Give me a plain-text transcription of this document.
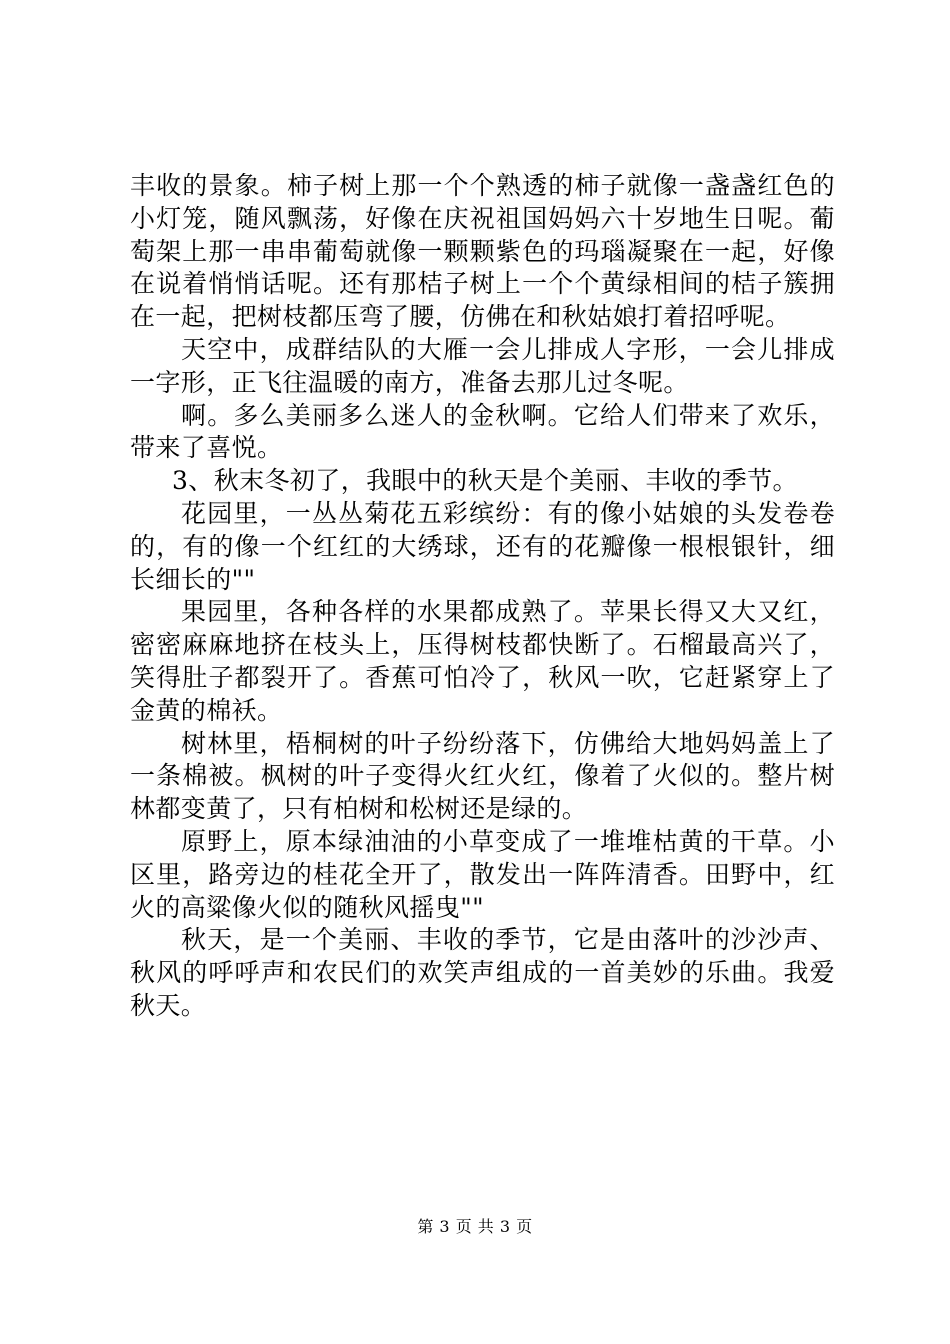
丰收的景象。柿子树上那一个个熟透的柿子就像一盏盏红色的小灯笼，随风飘荡，好像在庆祝祖国妈妈六十岁地生日呢。葡萄架上那一串串葡萄就像一颗颗紫色的玛瑙凝聚在一起，好像在说着悄悄话呢。还有那桔子树上一个个黄绿相间的桔子簇拥在一起，把树枝都压弯了腰，仿佛在和秋姑娘打着招呼呢。

天空中，成群结队的大雁一会儿排成人字形，一会儿排成一字形，正飞往温暖的南方，准备去那儿过冬呢。

啊。多么美丽多么迷人的金秋啊。它给人们带来了欢乐，带来了喜悦。

3、秋末冬初了，我眼中的秋天是个美丽、丰收的季节。

花园里，一丛丛菊花五彩缤纷：有的像小姑娘的头发卷卷的，有的像一个红红的大绣球，还有的花瓣像一根根银针，细长细长的""

果园里，各种各样的水果都成熟了。苹果长得又大又红，密密麻麻地挤在枝头上，压得树枝都快断了。石榴最高兴了，笑得肚子都裂开了。香蕉可怕冷了，秋风一吹，它赶紧穿上了金黄的棉袄。

树林里，梧桐树的叶子纷纷落下，仿佛给大地妈妈盖上了一条棉被。枫树的叶子变得火红火红，像着了火似的。整片树林都变黄了，只有柏树和松树还是绿的。

原野上，原本绿油油的小草变成了一堆堆枯黄的干草。小区里，路旁边的桂花全开了，散发出一阵阵清香。田野中，红火的高粱像火似的随秋风摇曳""

秋天，是一个美丽、丰收的季节，它是由落叶的沙沙声、秋风的呼呼声和农民们的欢笑声组成的一首美妙的乐曲。我爱秋天。

第 3 页 共 3 页
